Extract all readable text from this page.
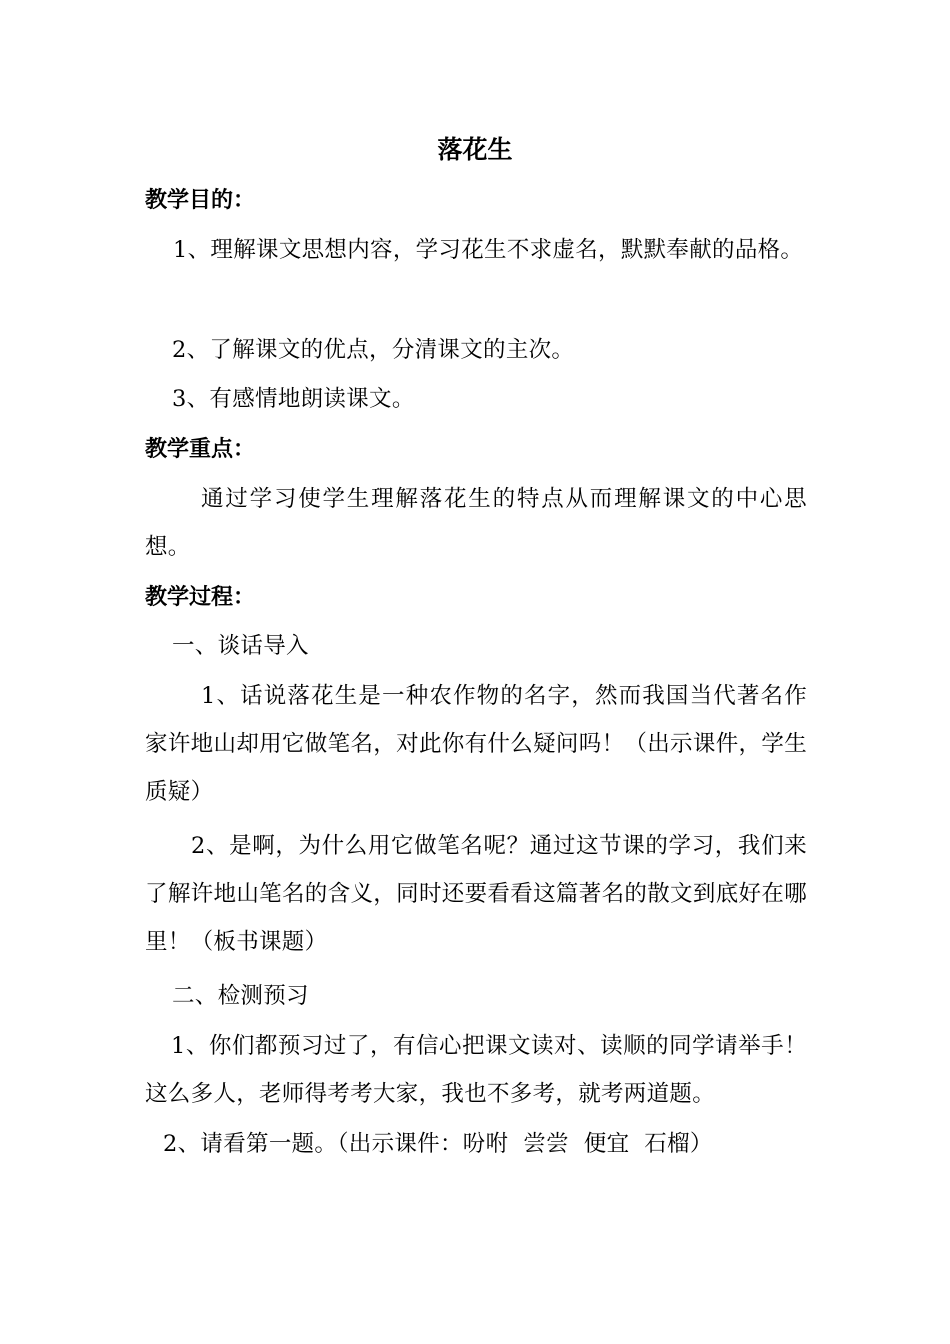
落花生
教学目的：
1、理解课文思想内容，学习花生不求虚名，默默奉献的品格。
2、了解课文的优点，分清课文的主次。
3、有感情地朗读课文。
教学重点：
通过学习使学生理解落花生的特点从而理解课文的中心思想。
教学过程：
一、谈话导入
1、话说落花生是一种农作物的名字，然而我国当代著名作家许地山却用它做笔名，对此你有什么疑问吗！（出示课件，学生质疑）
2、是啊，为什么用它做笔名呢？通过这节课的学习，我们来了解许地山笔名的含义，同时还要看看这篇著名的散文到底好在哪里！（板书课题）
二、检测预习
1、你们都预习过了，有信心把课文读对、读顺的同学请举手！这么多人，老师得考考大家，我也不多考，就考两道题。
2、请看第一题。（出示课件：吩咐  尝尝  便宜  石榴）
